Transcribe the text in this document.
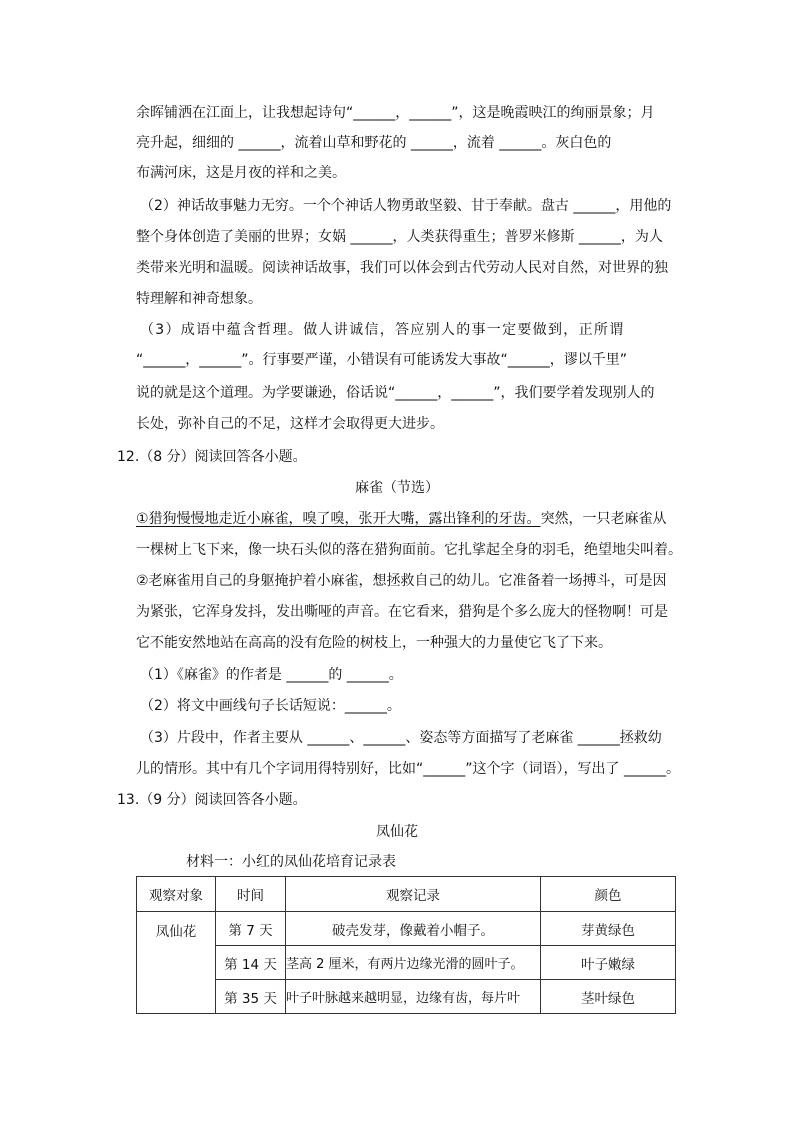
余晖铺洒在江面上，让我想起诗句“______，______”，这是晚霞映江的绚丽景象；月
亮升起，细细的 ______，流着山草和野花的 ______，流着 ______。灰白色的
布满河床，这是月夜的祥和之美。
（2）神话故事魅力无穷。一个个神话人物勇敢坚毅、甘于奉献。盘古 ______，用他的
整个身体创造了美丽的世界；女娲 ______，人类获得重生；普罗米修斯 ______，为人
类带来光明和温暖。阅读神话故事，我们可以体会到古代劳动人民对自然，对世界的独
特理解和神奇想象。
（3）成语中蕴含哲理。做人讲诚信，答应别人的事一定要做到，正所谓
“______，______”。行事要严谨，小错误有可能诱发大事故“______，谬以千里”
说的就是这个道理。为学要谦逊，俗话说“______，______”，我们要学着发现别人的
长处，弥补自己的不足，这样才会取得更大进步。
12.（8 分）阅读回答各小题。
麻雀（节选）
①猎狗慢慢地走近小麻雀，嗅了嗅，张开大嘴，露出锋利的牙齿。突然，一只老麻雀从
一棵树上飞下来，像一块石头似的落在猎狗面前。它扎挲起全身的羽毛，绝望地尖叫着。
②老麻雀用自己的身躯掩护着小麻雀，想拯救自己的幼儿。它准备着一场搏斗，可是因
为紧张，它浑身发抖，发出嘶哑的声音。在它看来，猎狗是个多么庞大的怪物啊！可是
它不能安然地站在高高的没有危险的树枝上，一种强大的力量使它飞了下来。
（1）《麻雀》的作者是 ______的 ______。
（2）将文中画线句子长话短说：______。
（3）片段中，作者主要从 ______、______、姿态等方面描写了老麻雀 ______拯救幼
儿的情形。其中有几个字词用得特别好，比如“______”这个字（词语），写出了 ______。
13.（9 分）阅读回答各小题。
凤仙花
材料一：小红的凤仙花培育记录表
观察对象	时间	观察记录	颜色
凤仙花	第 7 天	破壳发芽，像戴着小帽子。	芽黄绿色
	第 14 天	茎高 2 厘米，有两片边缘光滑的圆叶子。	叶子嫩绿
	第 35 天	叶子叶脉越来越明显，边缘有齿，每片叶	茎叶绿色
